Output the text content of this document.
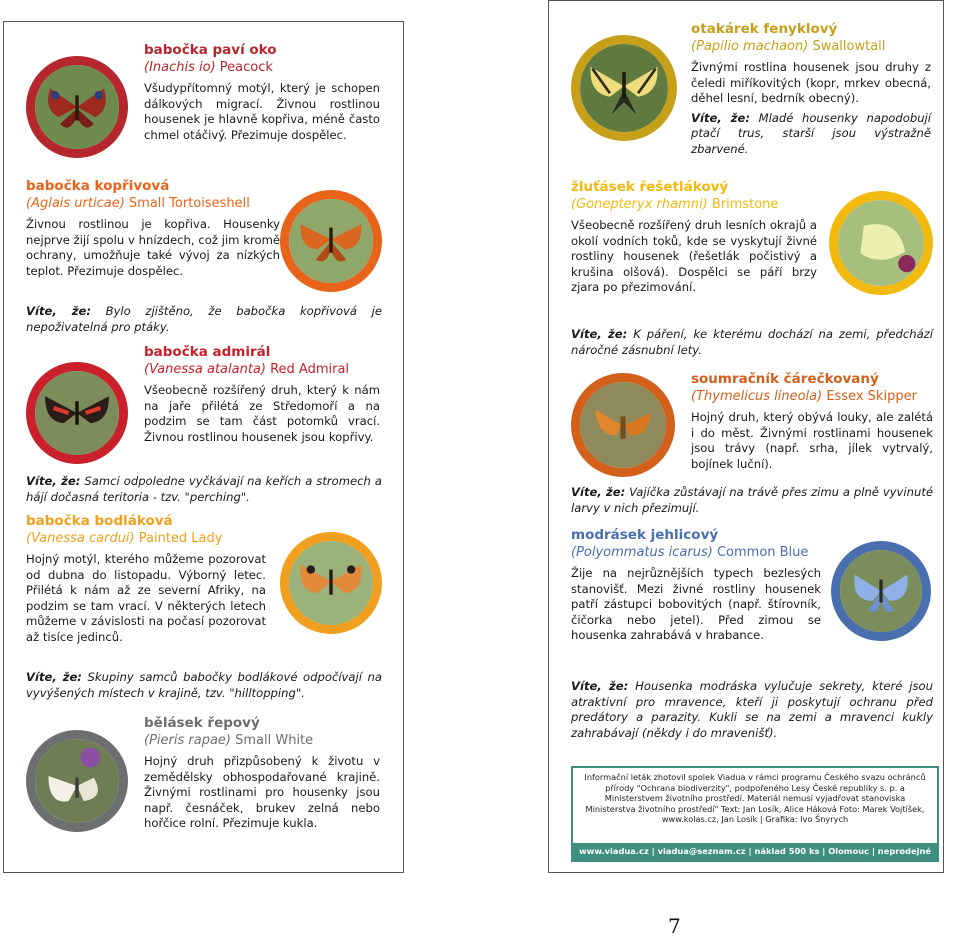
babočka paví oko
(Inachis io) Peacock
Všudypřítomný motýl, který je schopen dálkových migrací. Živnou rostlinou housenek je hlavně kopřiva, méně často chmel otáčivý. Přezimuje dospělec.
babočka kopřivová
(Aglais urticae) Small Tortoiseshell
Živnou rostlinou je kopřiva. Housenky nejprve žijí spolu v hnízdech, což jim kromě ochrany, umožňuje také vývoj za nízkých teplot. Přezimuje dospělec.
Víte, že: Bylo zjištěno, že babočka kopřivová je nepoživatelná pro ptáky.
babočka admirál
(Vanessa atalanta) Red Admiral
Všeobecně rozšířený druh, který k nám na jaře přilétá ze Středomoří a na podzim se tam část potomků vrací. Živnou rostlinou housenek jsou kopřivy.
Víte, že: Samci odpoledne vyčkávají na keřích a stromech a hájí dočasná teritoria - tzv. "perching".
babočka bodláková
(Vanessa cardui) Painted Lady
Hojný motýl, kterého můžeme pozorovat od dubna do listopadu. Výborný letec. Přilétá k nám až ze severní Afriky, na podzim se tam vrací. V některých letech můžeme v závislosti na počasí pozorovat až tisíce jedinců.
Víte, že: Skupiny samců babočky bodlákové odpočívají na vyvýšených místech v krajině, tzv. "hilltopping".
bělásek řepový
(Pieris rapae) Small White
Hojný druh přizpůsobený k životu v zemědělsky obhospodařované krajině. Živnými rostlinami pro housenky jsou např. česnáček, brukev zelná nebo hořčice rolní. Přezimuje kukla.
otakárek fenyklový
(Papilio machaon) Swallowtail
Živnými rostlina housenek jsou druhy z čeledi miříkovitých (kopr, mrkev obecná, děhel lesní, bedrník obecný).
Víte, že: Mladé housenky napodobují ptačí trus, starší jsou výstražně zbarvené.
žluťásek řešetlákový
(Gonepteryx rhamni) Brimstone
Všeobecně rozšířený druh lesních okrajů a okolí vodních toků, kde se vyskytují živné rostliny housenek (řešetlák počistivý a krušina olšová). Dospělci se páří brzy zjara po přezimování.
Víte, že: K páření, ke kterému dochází na zemi, předchází náročné zásnubní lety.
soumračník čárečkovaný
(Thymelicus lineola) Essex Skipper
Hojný druh, který obývá louky, ale zalétá i do měst. Živnými rostlinami housenek jsou trávy (např. srha, jílek vytrvalý, bojínek luční).
Víte, že: Vajíčka zůstávají na trávě přes zimu a plně vyvinuté larvy v nich přezimují.
modrásek jehlicový
(Polyommatus icarus) Common Blue
Žije na nejrůznějších typech bezlesých stanovišť. Mezi živné rostliny housenek patří zástupci bobovitých (např. štírovník, čičorka nebo jetel). Před zimou se housenka zahrabává v hrabance.
Víte, že: Housenka modráska vylučuje sekrety, které jsou atraktivní pro mravence, kteří ji poskytují ochranu před predátory a parazity. Kukli se na zemi a mravenci kukly zahrabávají (někdy i do mravenišť).
Informační leták zhotovil spolek Viadua v rámci programu Českého svazu ochránců přírody "Ochrana biodiverzity", podpořeného Lesy České republiky s. p. a Ministerstvem životního prostředí. Materiál nemusí vyjadřovat stanoviska Ministerstva životního prostředí" Text: Jan Losík, Alice Háková Foto: Marek Vojtíšek, www.kolas.cz, Jan Losík | Grafika: Ivo Šnyrych
www.viadua.cz | viadua@seznam.cz | náklad 500 ks | Olomouc | neprodejné
7
